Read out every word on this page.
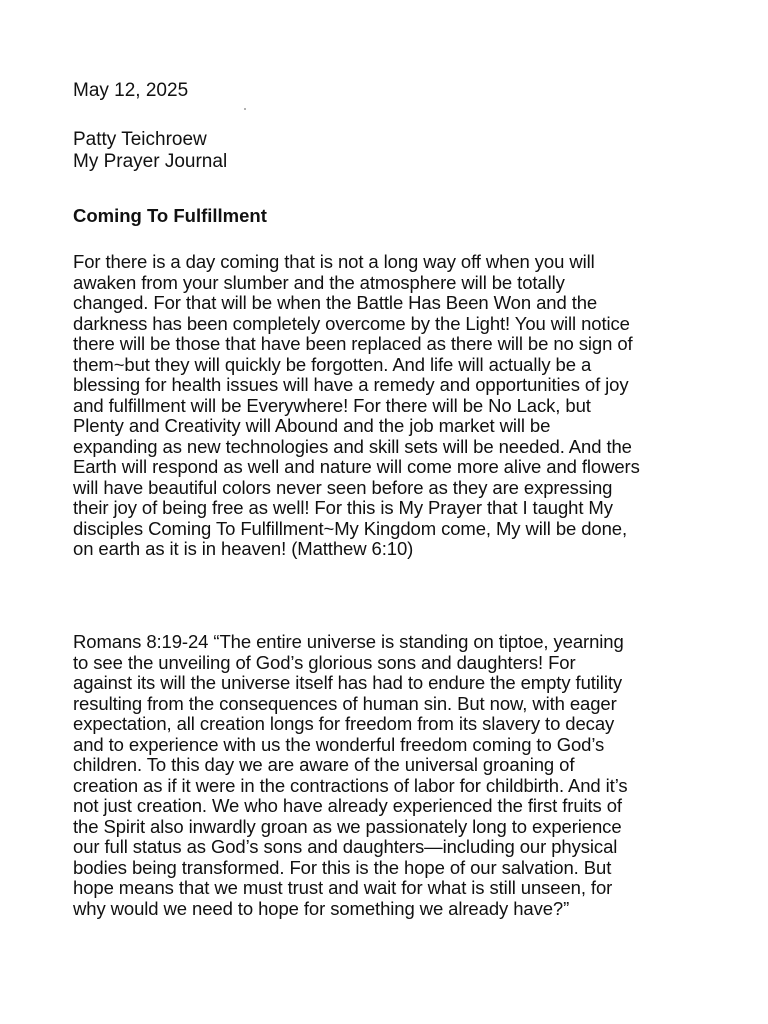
May 12, 2025
Patty Teichroew
My Prayer Journal
Coming To Fulfillment
For there is a day coming that is not a long way off when you will
awaken from your slumber and the atmosphere will be totally
changed. For that will be when the Battle Has Been Won and the
darkness has been completely overcome by the Light! You will notice
there will be those that have been replaced as there will be no sign of
them~but they will quickly be forgotten. And life will actually be a
blessing for health issues will have a remedy and opportunities of joy
and fulfillment will be Everywhere! For there will be No Lack, but
Plenty and Creativity will Abound and the job market will be
expanding as new technologies and skill sets will be needed. And the
Earth will respond as well and nature will come more alive and flowers
will have beautiful colors never seen before as they are expressing
their joy of being free as well! For this is My Prayer that I taught My
disciples Coming To Fulfillment~My Kingdom come, My will be done,
on earth as it is in heaven! (Matthew 6:10)
Romans 8:19-24 “The entire universe is standing on tiptoe, yearning
to see the unveiling of God’s glorious sons and daughters! For
against its will the universe itself has had to endure the empty futility
resulting from the consequences of human sin. But now, with eager
expectation, all creation longs for freedom from its slavery to decay
and to experience with us the wonderful freedom coming to God’s
children. To this day we are aware of the universal groaning of
creation as if it were in the contractions of labor for childbirth. And it’s
not just creation. We who have already experienced the first fruits of
the Spirit also inwardly groan as we passionately long to experience
our full status as God’s sons and daughters—including our physical
bodies being transformed. For this is the hope of our salvation. But
hope means that we must trust and wait for what is still unseen, for
why would we need to hope for something we already have?”
